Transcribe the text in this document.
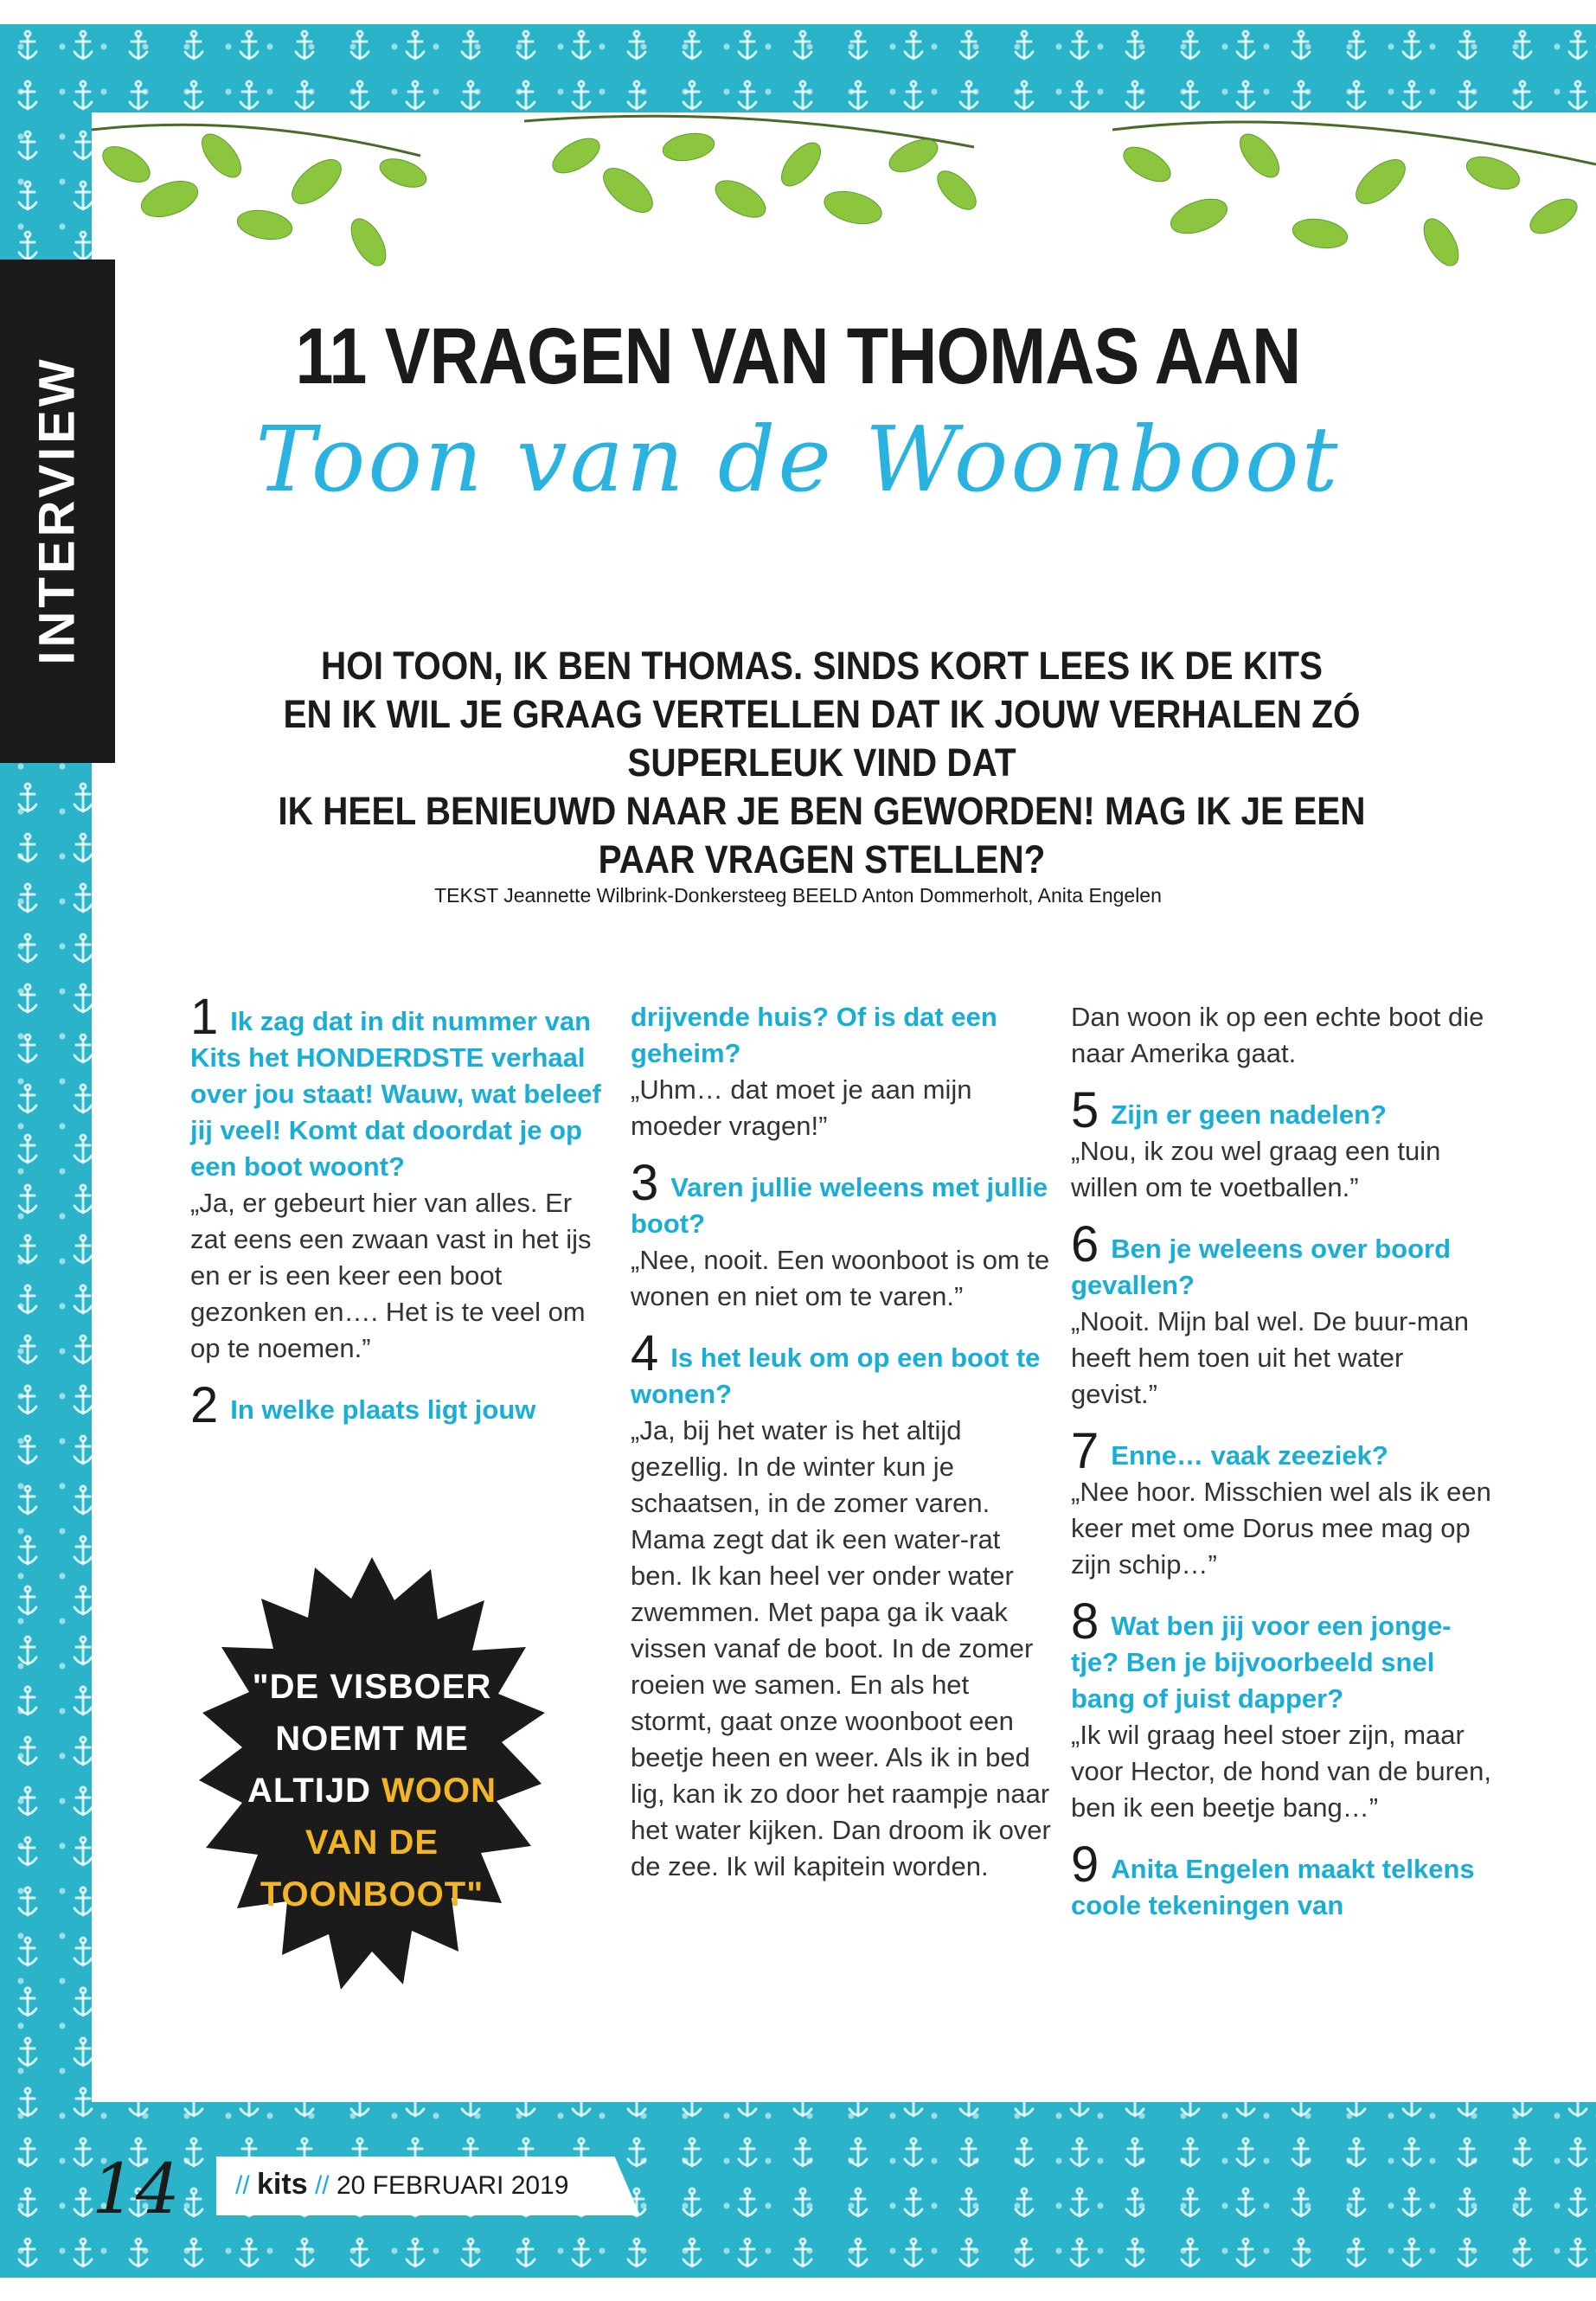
INTERVIEW	11 VRAGEN VAN THOMAS AAN
Toon van de Woonboot
HOI TOON, IK BEN THOMAS. SINDS KORT LEES IK DE KITS
EN IK WIL JE GRAAG VERTELLEN DAT IK JOUW VERHALEN ZÓ SUPERLEUK VIND DAT
IK HEEL BENIEUWD NAAR JE BEN GEWORDEN! MAG IK JE EEN
PAAR VRAGEN STELLEN?
TEKST Jeannette Wilbrink-Donkersteeg BEELD Anton Dommerholt, Anita Engelen

1 Ik zag dat in dit nummer van Kits het HONDERDSTE verhaal over jou staat! Wauw, wat beleef jij veel! Komt dat doordat je op een boot woont?
„Ja, er gebeurt hier van alles. Er zat eens een zwaan vast in het ijs en er is een keer een boot gezonken en…. Het is te veel om op te noemen.”

2 In welke plaats ligt jouw

drijvende huis? Of is dat een geheim?
„Uhm… dat moet je aan mijn moeder vragen!”

3 Varen jullie weleens met jullie boot?
„Nee, nooit. Een woonboot is om te wonen en niet om te varen.”

4 Is het leuk om op een boot te wonen?
„Ja, bij het water is het altijd gezellig. In de winter kun je schaatsen, in de zomer varen. Mama zegt dat ik een water-rat ben. Ik kan heel ver onder water zwemmen. Met papa ga ik vaak vissen vanaf de boot. In de zomer roeien we samen. En als het stormt, gaat onze woonboot een beetje heen en weer. Als ik in bed lig, kan ik zo door het raampje naar het water kijken. Dan droom ik over de zee. Ik wil kapitein worden.

Dan woon ik op een echte boot die naar Amerika gaat.

5 Zijn er geen nadelen?
„Nou, ik zou wel graag een tuin willen om te voetballen.”

6 Ben je weleens over boord gevallen?
„Nooit. Mijn bal wel. De buur-man heeft hem toen uit het water gevist.”

7 Enne… vaak zeeziek?
„Nee hoor. Misschien wel als ik een keer met ome Dorus mee mag op zijn schip…”

8 Wat ben jij voor een jonge-tje? Ben je bijvoorbeeld snel bang of juist dapper?
„Ik wil graag heel stoer zijn, maar voor Hector, de hond van de buren, ben ik een beetje bang…”

9 Anita Engelen maakt telkens coole tekeningen van

"DE VISBOER
NOEMT ME
ALTIJD WOON
VAN DE
TOONBOOT"
14 // kits // 20 FEBRUARI 2019
